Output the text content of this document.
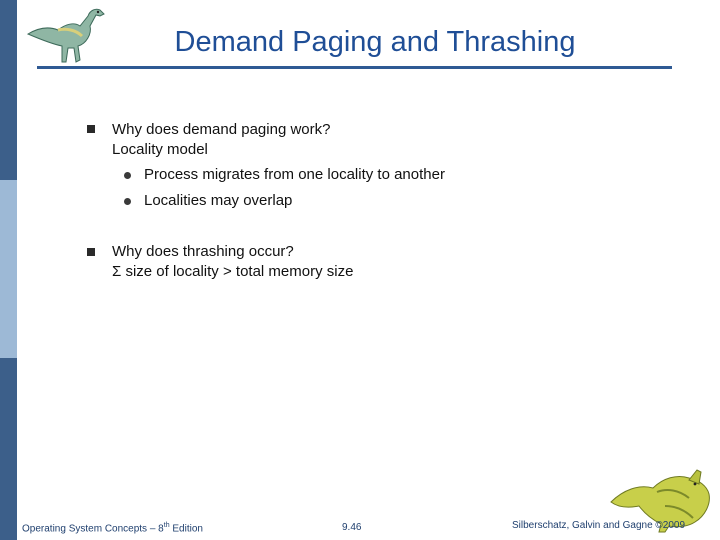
Demand Paging and Thrashing
Why does demand paging work?
Locality model
Process migrates from one locality to another
Localities may overlap
Why does thrashing occur?
Σ size of locality > total memory size
Operating System Concepts – 8th Edition	9.46	Silberschatz, Galvin and Gagne ©2009
